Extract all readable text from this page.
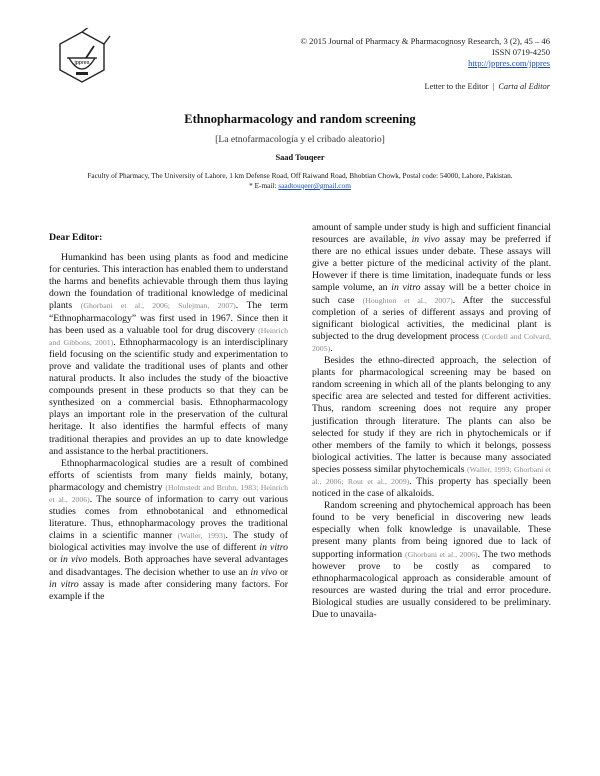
jppres
© 2015 Journal of Pharmacy & Pharmacognosy Research, 3 (2), 45 – 46
ISSN 0719-4250
http://jppres.com/jppres
Letter to the Editor | Carta al Editor
Ethnopharmacology and random screening
[La etnofarmacología y el cribado aleatorio]
Saad Touqeer
Faculty of Pharmacy, The University of Lahore, 1 km Defense Road, Off Raiwand Road, Bhobtian Chowk, Postal code: 54000, Lahore, Pakistan.
* E-mail: saadtouqeer@gmail.com
Dear Editor:

Humankind has been using plants as food and medicine for centuries. This interaction has enabled them to understand the harms and benefits achievable through them thus laying down the foundation of traditional knowledge of medicinal plants (Ghorbani et al., 2006; Sulejman, 2007). The term “Ethnopharmacology” was first used in 1967. Since then it has been used as a valuable tool for drug discovery (Heinrich and Gibbons, 2001). Ethnopharmacology is an interdisciplinary field focusing on the scientific study and experimentation to prove and validate the traditional uses of plants and other natural products. It also includes the study of the bioactive compounds present in these products so that they can be synthesized on a commercial basis. Ethnopharmacology plays an important role in the preservation of the cultural heritage. It also identifies the harmful effects of many traditional therapies and provides an up to date knowledge and assistance to the herbal practitioners.

Ethnopharmacological studies are a result of combined efforts of scientists from many fields mainly, botany, pharmacology and chemistry (Holmstedt and Bruhn, 1983; Heinrich et al., 2006). The source of information to carry out various studies comes from ethnobotanical and ethnomedical literature. Thus, ethnopharmacology proves the traditional claims in a scientific manner (Waller, 1993). The study of biological activities may involve the use of different in vitro or in vivo models. Both approaches have several advantages and disadvantages. The decision whether to use an in vivo or in vitro assay is made after considering many factors. For example if the

amount of sample under study is high and sufficient financial resources are available, in vivo assay may be preferred if there are no ethical issues under debate. These assays will give a better picture of the medicinal activity of the plant. However if there is time limitation, inadequate funds or less sample volume, an in vitro assay will be a better choice in such case (Houghton et al., 2007). After the successful completion of a series of different assays and proving of significant biological activities, the medicinal plant is subjected to the drug development process (Cordell and Colvard, 2005).

Besides the ethno-directed approach, the selection of plants for pharmacological screening may be based on random screening in which all of the plants belonging to any specific area are selected and tested for different activities. Thus, random screening does not require any proper justification through literature. The plants can also be selected for study if they are rich in phytochemicals or if other members of the family to which it belongs, possess biological activities. The latter is because many associated species possess similar phytochemicals (Waller, 1993; Ghorbani et al., 2006; Rout et al., 2009). This property has specially been noticed in the case of alkaloids.

Random screening and phytochemical approach has been found to be very beneficial in discovering new leads especially when folk knowledge is unavailable. These present many plants from being ignored due to lack of supporting information (Ghorbani et al., 2006). The two methods however prove to be costly as compared to ethnopharmacological approach as considerable amount of resources are wasted during the trial and error procedure. Biological studies are usually considered to be preliminary. Due to unavaila-
